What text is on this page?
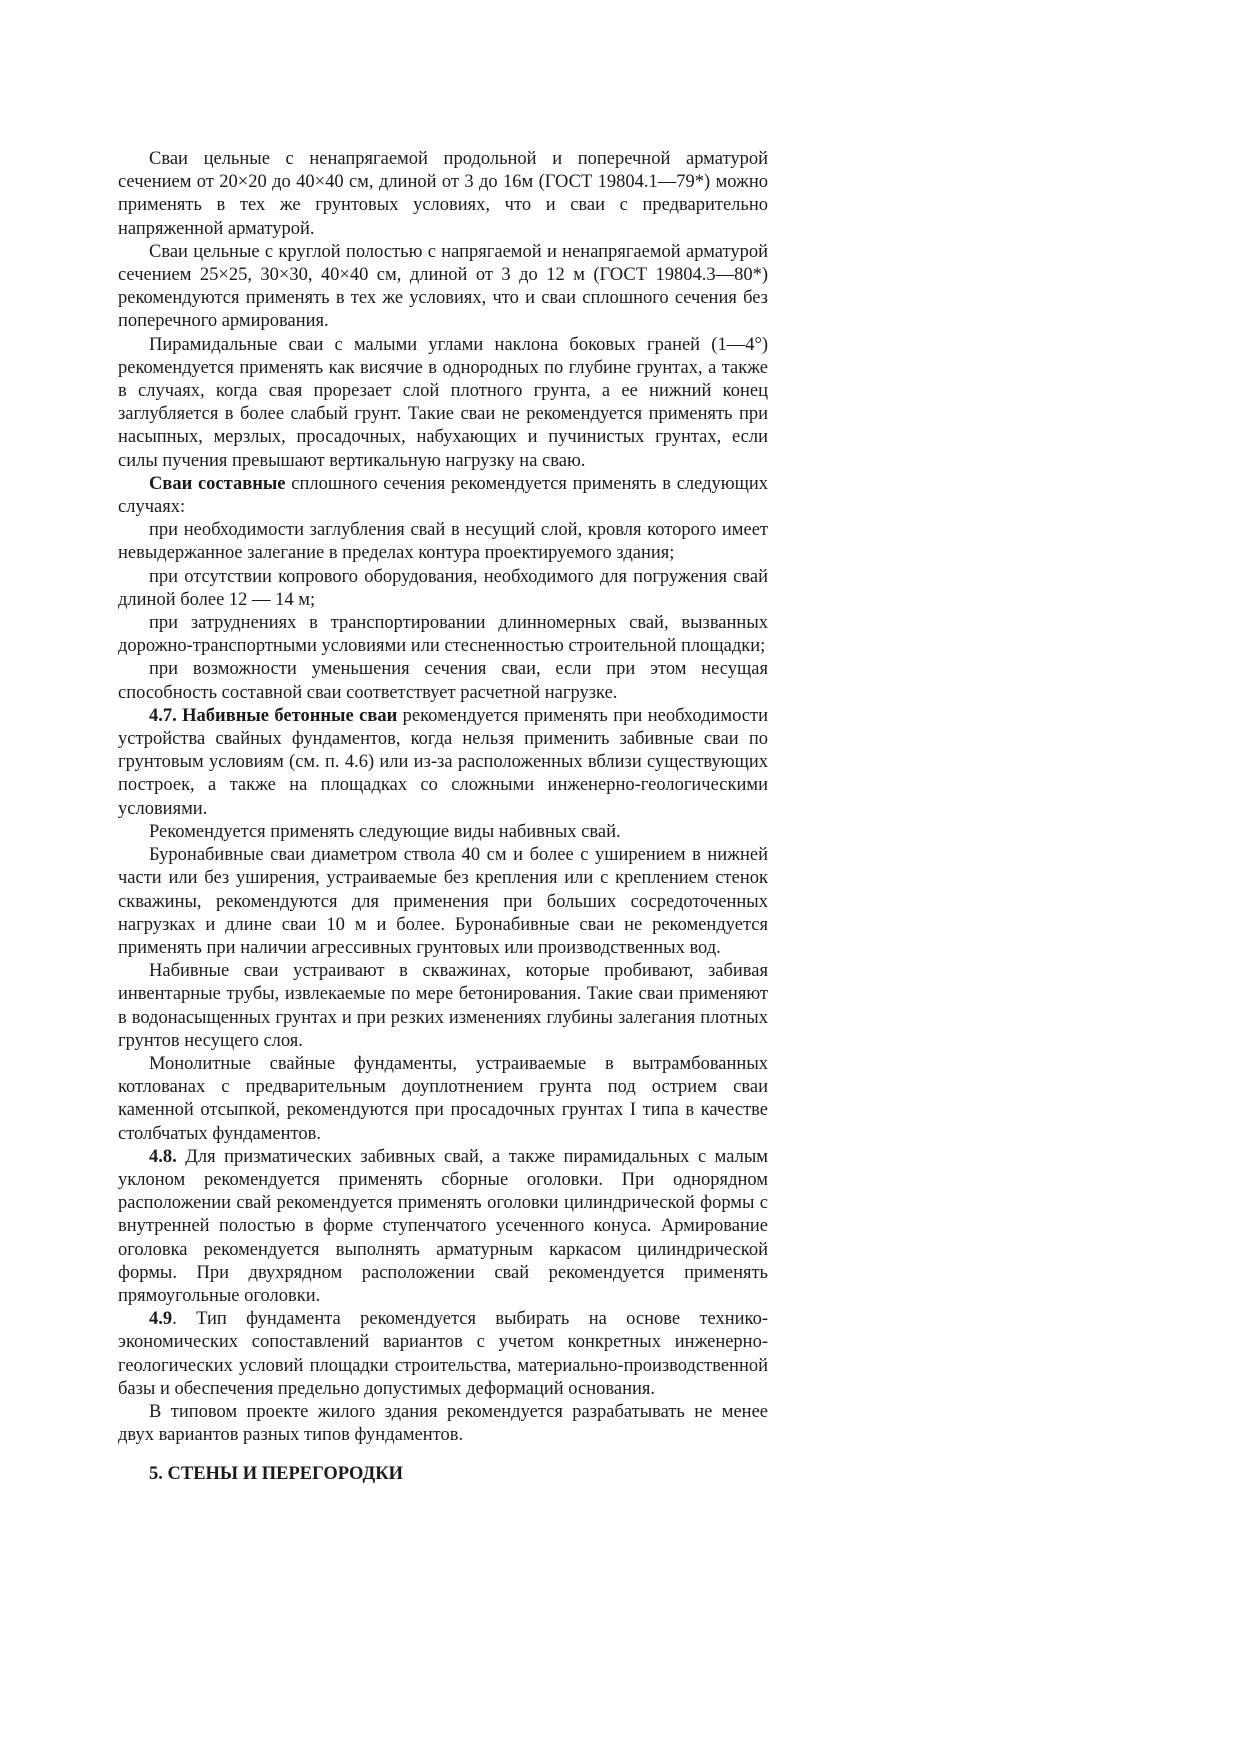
Сваи цельные с ненапрягаемой продольной и поперечной арматурой сечением от 20×20 до 40×40 см, длиной от 3 до 16м (ГОСТ 19804.1—79*) можно применять в тех же грунтовых условиях, что и сваи с предварительно напряженной арматурой.

Сваи цельные с круглой полостью с напрягаемой и ненапрягаемой арматурой сечением 25×25, 30×30, 40×40 см, длиной от 3 до 12 м (ГОСТ 19804.3—80*) рекомендуются применять в тех же условиях, что и сваи сплошного сечения без поперечного армирования.

Пирамидальные сваи с малыми углами наклона боковых граней (1—4°) рекомендуется применять как висячие в однородных по глубине грунтах, а также в случаях, когда свая прорезает слой плотного грунта, а ее нижний конец заглубляется в более слабый грунт. Такие сваи не рекомендуется применять при насыпных, мерзлых, просадочных, набухающих и пучинистых грунтах, если силы пучения превышают вертикальную нагрузку на сваю.

Сваи составные сплошного сечения рекомендуется применять в следующих случаях:

при необходимости заглубления свай в несущий слой, кровля которого имеет невыдержанное залегание в пределах контура проектируемого здания;

при отсутствии копрового оборудования, необходимого для погружения свай длиной более 12 — 14 м;

при затруднениях в транспортировании длинномерных свай, вызванных дорожно-транспортными условиями или стесненностью строительной площадки;

при возможности уменьшения сечения сваи, если при этом несущая способность составной сваи соответствует расчетной нагрузке.

4.7. Набивные бетонные сваи рекомендуется применять при необходимости устройства свайных фундаментов, когда нельзя применить забивные сваи по грунтовым условиям (см. п. 4.6) или из-за расположенных вблизи существующих построек, а также на площадках со сложными инженерно-геологическими условиями.

Рекомендуется применять следующие виды набивных свай.

Буронабивные сваи диаметром ствола 40 см и более с уширением в нижней части или без уширения, устраиваемые без крепления или с креплением стенок скважины, рекомендуются для применения при больших сосредоточенных нагрузках и длине сваи 10 м и более. Буронабивные сваи не рекомендуется применять при наличии агрессивных грунтовых или производственных вод.

Набивные сваи устраивают в скважинах, которые пробивают, забивая инвентарные трубы, извлекаемые по мере бетонирования. Такие сваи применяют в водонасыщенных грунтах и при резких изменениях глубины залегания плотных грунтов несущего слоя.

Монолитные свайные фундаменты, устраиваемые в вытрамбованных котлованах с предварительным доуплотнением грунта под острием сваи каменной отсыпкой, рекомендуются при просадочных грунтах I типа в качестве столбчатых фундаментов.

4.8. Для призматических забивных свай, а также пирамидальных с малым уклоном рекомендуется применять сборные оголовки. При однорядном расположении свай рекомендуется применять оголовки цилиндрической формы с внутренней полостью в форме ступенчатого усеченного конуса. Армирование оголовка рекомендуется выполнять арматурным каркасом цилиндрической формы. При двухрядном расположении свай рекомендуется применять прямоугольные оголовки.

4.9. Тип фундамента рекомендуется выбирать на основе технико-экономических сопоставлений вариантов с учетом конкретных инженерно-геологических условий площадки строительства, материально-производственной базы и обеспечения предельно допустимых деформаций основания.

В типовом проекте жилого здания рекомендуется разрабатывать не менее двух вариантов разных типов фундаментов.

5. СТЕНЫ И ПЕРЕГОРОДКИ
